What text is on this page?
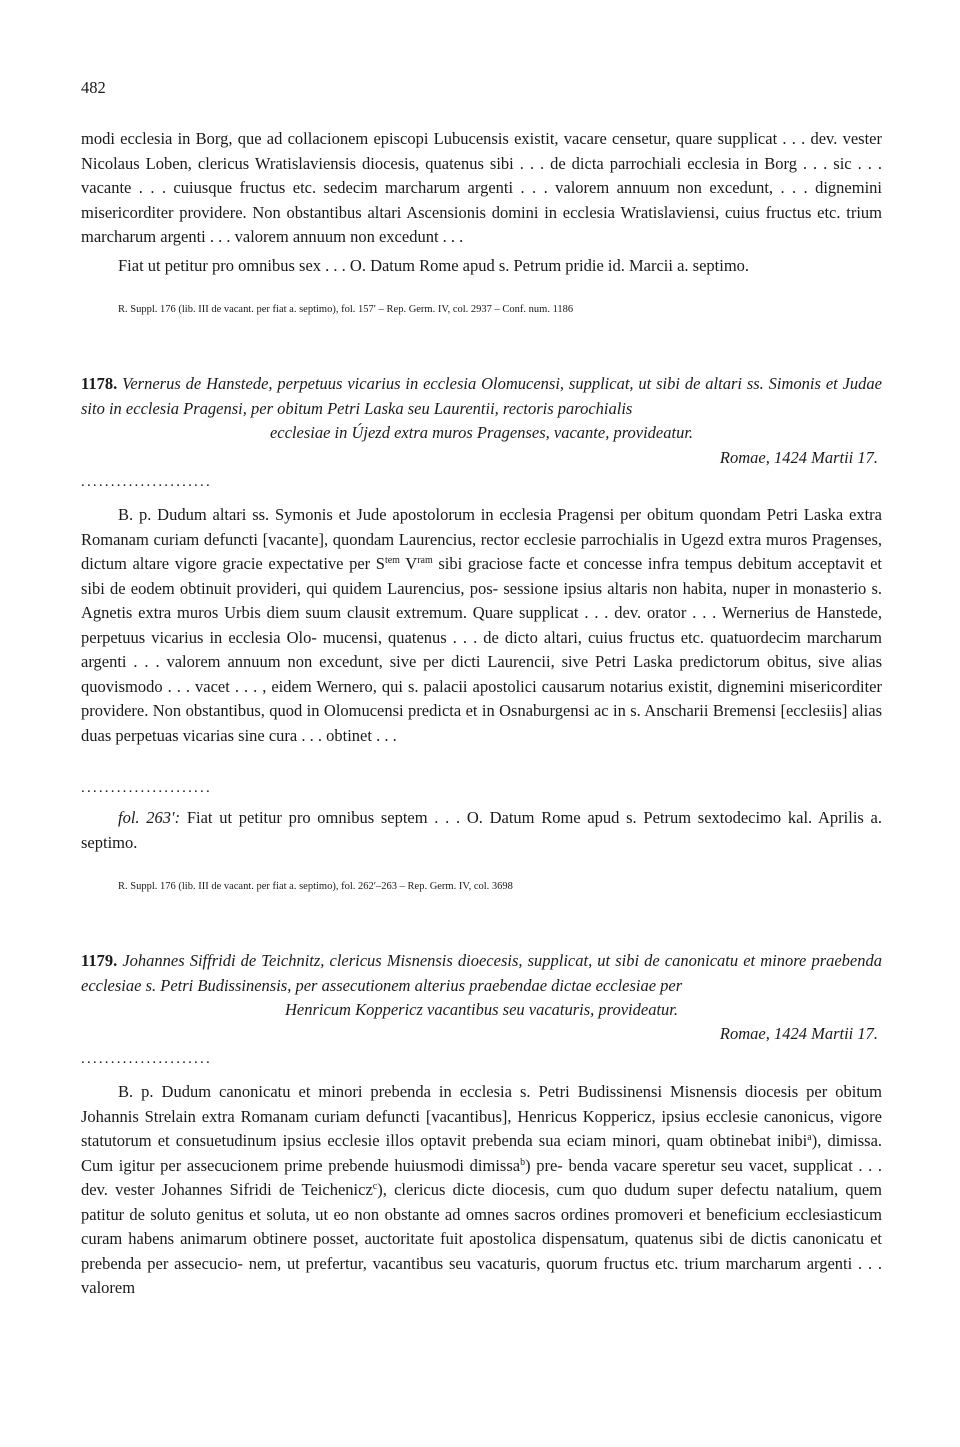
482

modi ecclesia in Borg, que ad collacionem episcopi Lubucensis existit, vacare censetur, quare supplicat . . . dev. vester Nicolaus Loben, clericus Wratislaviensis diocesis, quatenus sibi . . . de dicta parrochiali ecclesia in Borg . . . sic . . . vacante . . . cuiusque fructus etc. sedecim marcharum argenti . . . valorem annuum non excedunt, . . . dignemini misericorditer providere. Non obstantibus altari Ascensionis domini in ecclesia Wratislaviensi, cuius fructus etc. trium marcharum argenti . . . valorem annuum non excedunt . . .

Fiat ut petitur pro omnibus sex . . . O. Datum Rome apud s. Petrum pridie id. Marcii a. septimo.

R. Suppl. 176 (lib. III de vacant. per fiat a. septimo), fol. 157′ – Rep. Germ. IV, col. 2937 – Conf. num. 1186

1178. Vernerus de Hanstede, perpetuus vicarius in ecclesia Olomucensi, supplicat, ut sibi de altari ss. Simonis et Judae sito in ecclesia Pragensi, per obitum Petri Laska seu Laurentii, rectoris parochialis

ecclesiae in Újezd extra muros Pragenses, vacante, provideatur.
Romae, 1424 Martii 17.
......................

B. p. Dudum altari ss. Symonis et Jude apostolorum in ecclesia Pragensi per obitum quondam Petri Laska extra Romanam curiam defuncti [vacante], quondam Laurencius, rector ecclesie parrochialis in Ugezd extra muros Pragenses, dictum altare vigore gracie expectative per $S^{tem}$ $V^{ram}$ sibi graciose facte et concesse infra tempus debitum acceptavit et sibi de eodem obtinuit provideri, qui quidem Laurencius, pos- sessione ipsius altaris non habita, nuper in monasterio s. Agnetis extra muros Urbis diem suum clausit extremum. Quare supplicat . . . dev. orator . . . Wernerius de Hanstede, perpetuus vicarius in ecclesia Olo- mucensi, quatenus . . . de dicto altari, cuius fructus etc. quatuordecim marcharum argenti . . . valorem annuum non excedunt, sive per dicti Laurencii, sive Petri Laska predictorum obitus, sive alias quovismodo . . . vacet . . . , eidem Wernero, qui s. palacii apostolici causarum notarius existit, dignemini misericorditer providere. Non obstantibus, quod in Olomucensi predicta et in Osnaburgensi ac in s. Anscharii Bremensi [ecclesiis] alias duas perpetuas vicarias sine cura . . . obtinet . . .

......................

fol. 263′: Fiat ut petitur pro omnibus septem . . . O. Datum Rome apud s. Petrum sextodecimo kal. Aprilis a. septimo.

R. Suppl. 176 (lib. III de vacant. per fiat a. septimo), fol. 262′–263 – Rep. Germ. IV, col. 3698

1179. Johannes Siffridi de Teichnitz, clericus Misnensis dioecesis, supplicat, ut sibi de canonicatu et minore praebenda ecclesiae s. Petri Budissinensis, per assecutionem alterius praebendae dictae ecclesiae per

Henricum Koppericz vacantibus seu vacaturis, provideatur.
Romae, 1424 Martii 17.
......................

B. p. Dudum canonicatu et minori prebenda in ecclesia s. Petri Budissinensi Misnensis diocesis per obitum Johannis Strelain extra Romanam curiam defuncti [vacantibus], Henricus Koppericz, ipsius ecclesie canonicus, vigore statutorum et consuetudinum ipsius ecclesie illos optavit prebenda sua eciam minori, quam obtinebat inibi$^a$), dimissa. Cum igitur per assecucionem prime prebende huiusmodi dimissa$^b$) pre- benda vacare speretur seu vacet, supplicat . . . dev. vester Johannes Sifridi de Teichenicz$^c$), clericus dicte diocesis, cum quo dudum super defectu natalium, quem patitur de soluto genitus et soluta, ut eo non obstante ad omnes sacros ordines promoveri et beneficium ecclesiasticum curam habens animarum obtinere posset, auctoritate fuit apostolica dispensatum, quatenus sibi de dictis canonicatu et prebenda per assecucio- nem, ut prefertur, vacantibus seu vacaturis, quorum fructus etc. trium marcharum argenti . . . valorem
